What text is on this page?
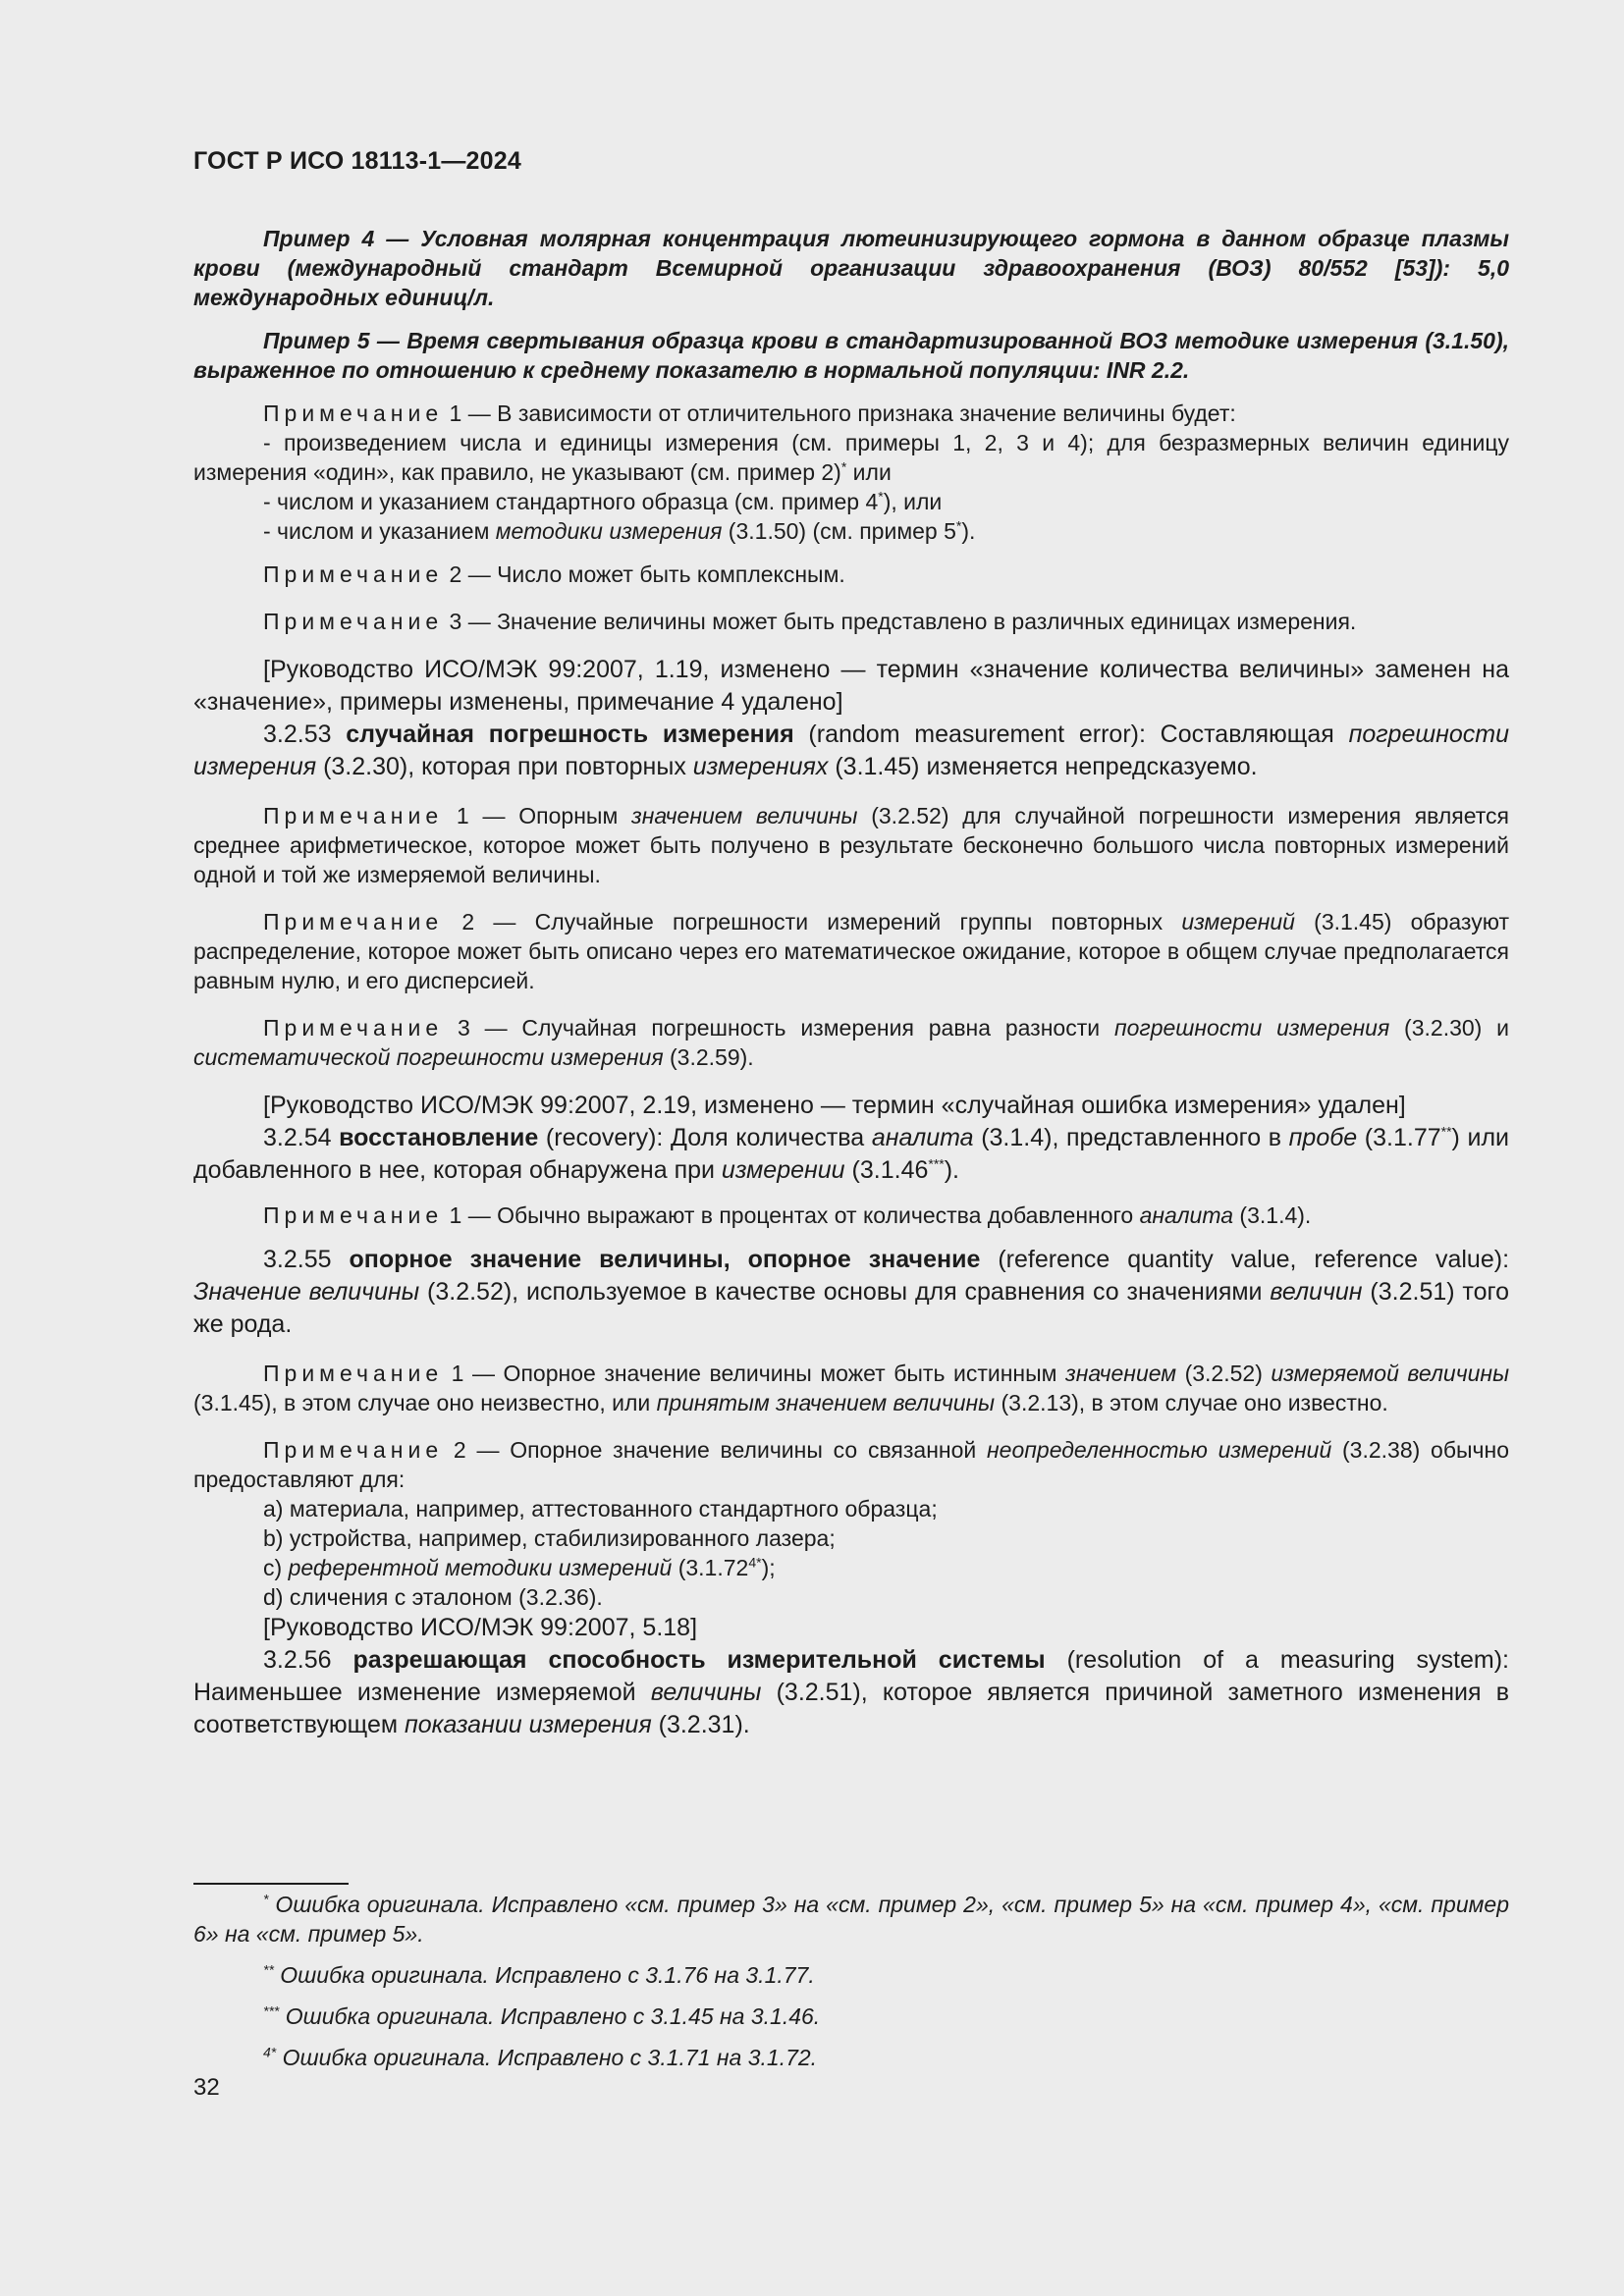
ГОСТ Р ИСО 18113-1—2024

Пример 4 — Условная молярная концентрация лютеинизирующего гормона в данном образце плазмы крови (международный стандарт Всемирной организации здравоохранения (ВОЗ) 80/552 [53]): 5,0 международных единиц/л.

Пример 5 — Время свертывания образца крови в стандартизированной ВОЗ методике измерения (3.1.50), выраженное по отношению к среднему показателю в нормальной популяции: INR 2.2.

Примечание 1 — В зависимости от отличительного признака значение величины будет:

- произведением числа и единицы измерения (см. примеры 1, 2, 3 и 4); для безразмерных величин единицу измерения «один», как правило, не указывают (см. пример 2)* или

- числом и указанием стандартного образца (см. пример 4*), или

- числом и указанием методики измерения (3.1.50) (см. пример 5*).

Примечание 2 — Число может быть комплексным.

Примечание 3 — Значение величины может быть представлено в различных единицах измерения.

[Руководство ИСО/МЭК 99:2007, 1.19, изменено — термин «значение количества величины» заменен на «значение», примеры изменены, примечание 4 удалено]

3.2.53 случайная погрешность измерения (random measurement error): Составляющая погрешности измерения (3.2.30), которая при повторных измерениях (3.1.45) изменяется непредсказуемо.

Примечание 1 — Опорным значением величины (3.2.52) для случайной погрешности измерения является среднее арифметическое, которое может быть получено в результате бесконечно большого числа повторных измерений одной и той же измеряемой величины.

Примечание 2 — Случайные погрешности измерений группы повторных измерений (3.1.45) образуют распределение, которое может быть описано через его математическое ожидание, которое в общем случае предполагается равным нулю, и его дисперсией.

Примечание 3 — Случайная погрешность измерения равна разности погрешности измерения (3.2.30) и систематической погрешности измерения (3.2.59).

[Руководство ИСО/МЭК 99:2007, 2.19, изменено — термин «случайная ошибка измерения» удален]

3.2.54 восстановление (recovery): Доля количества аналита (3.1.4), представленного в пробе (3.1.77**) или добавленного в нее, которая обнаружена при измерении (3.1.46***).

Примечание 1 — Обычно выражают в процентах от количества добавленного аналита (3.1.4).

3.2.55 опорное значение величины, опорное значение (reference quantity value, reference value): Значение величины (3.2.52), используемое в качестве основы для сравнения со значениями величин (3.2.51) того же рода.

Примечание 1 — Опорное значение величины может быть истинным значением (3.2.52) измеряемой величины (3.1.45), в этом случае оно неизвестно, или принятым значением величины (3.2.13), в этом случае оно известно.

Примечание 2 — Опорное значение величины со связанной неопределенностью измерений (3.2.38) обычно предоставляют для:

a) материала, например, аттестованного стандартного образца;

b) устройства, например, стабилизированного лазера;

c) референтной методики измерений $(3.1.72^{4*})$;

d) сличения с эталоном (3.2.36).

[Руководство ИСО/МЭК 99:2007, 5.18]

3.2.56 разрешающая способность измерительной системы (resolution of a measuring system): Наименьшее изменение измеряемой величины (3.2.51), которое является причиной заметного изменения в соответствующем показании измерения (3.2.31).

* Ошибка оригинала. Исправлено «см. пример 3» на «см. пример 2», «см. пример 5» на «см. пример 4», «см. пример 6» на «см. пример 5».

** Ошибка оригинала. Исправлено с 3.1.76 на 3.1.77.

*** Ошибка оригинала. Исправлено с 3.1.45 на 3.1.46.

$^{4*}$ Ошибка оригинала. Исправлено с 3.1.71 на 3.1.72.

32
